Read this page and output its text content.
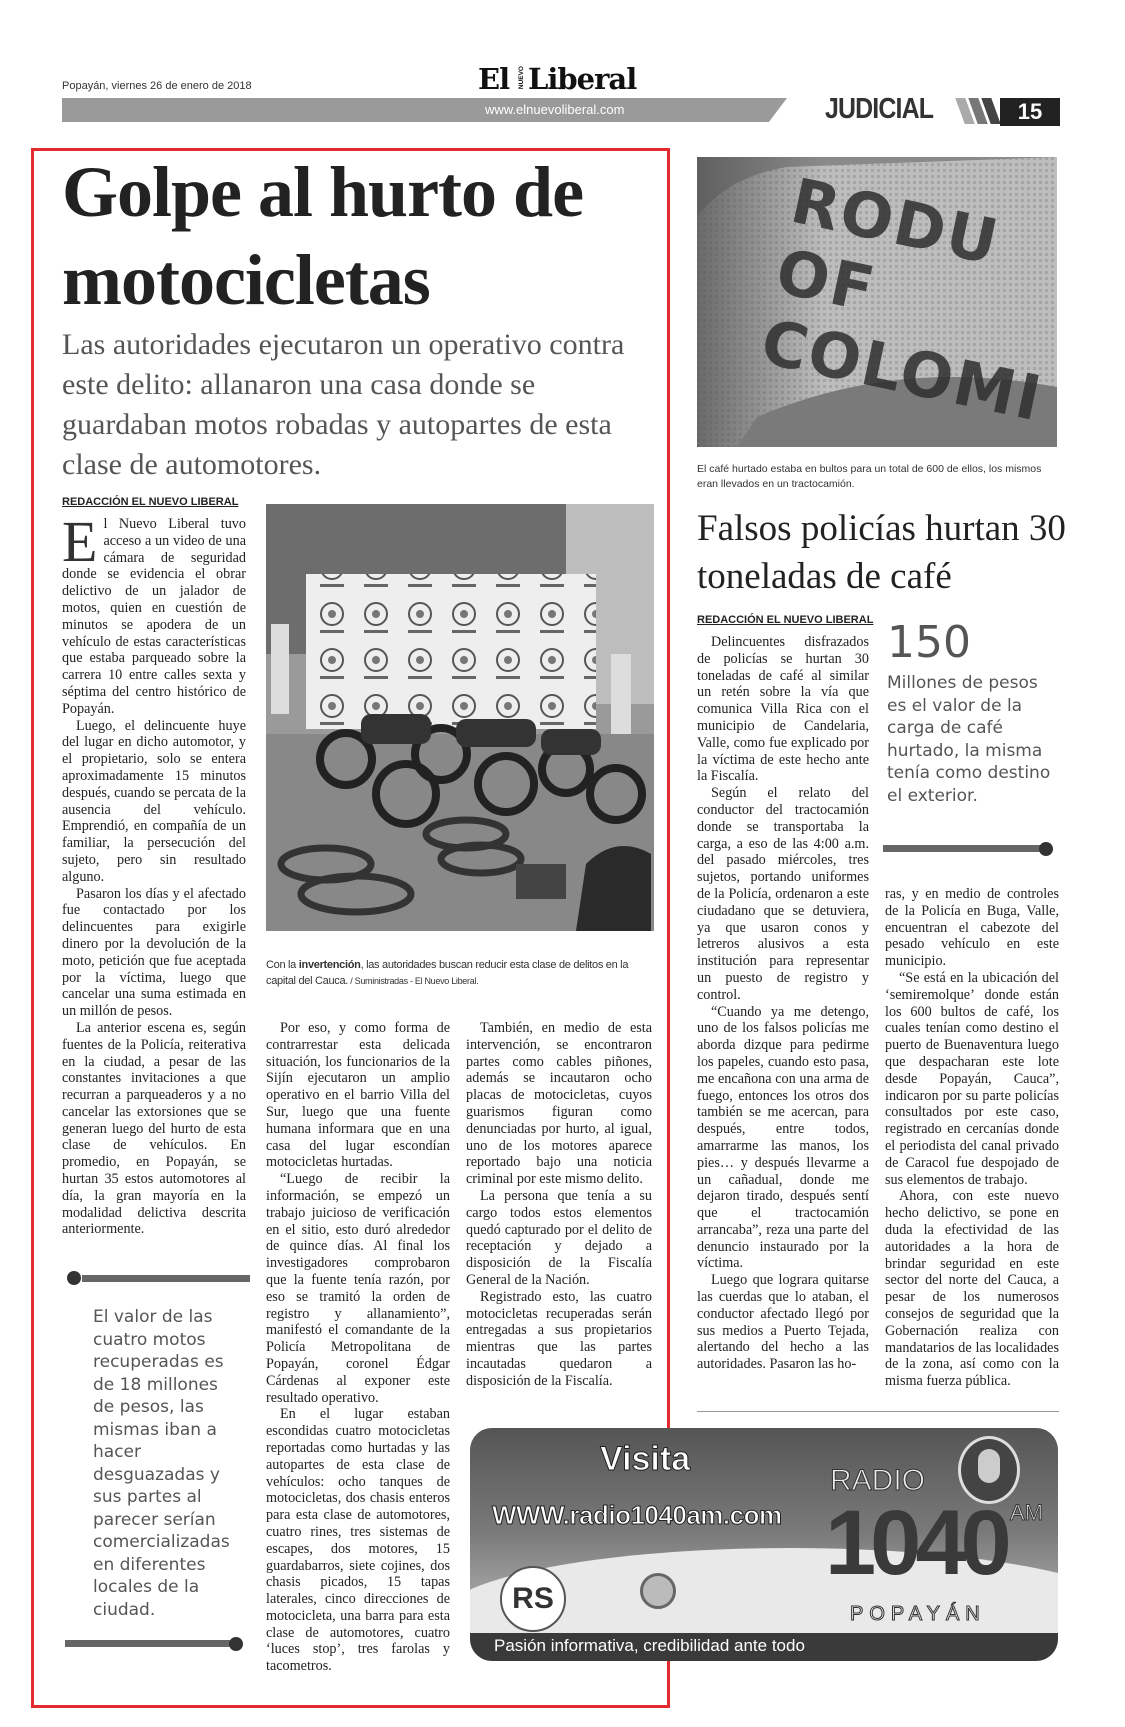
Popayán, viernes 26 de enero de 2018	El NUEVO Liberal
www.elnuevoliberal.com	JUDICIAL	15
Golpe al hurto de motocicletas
Las autoridades ejecutaron un operativo contra este delito: allanaron una casa donde se guardaban motos robadas y autopartes de esta clase de automotores.
REDACCIÓN EL NUEVO LIBERAL

El Nuevo Liberal tuvo acceso a un video de una cámara de seguridad donde se evidencia el obrar delictivo de un jalador de motos, quien en cuestión de minutos se apodera de un vehículo de estas características que estaba parqueado sobre la carrera 10 entre calles sexta y séptima del centro histórico de Popayán.

Luego, el delincuente huye del lugar en dicho automotor, y el propietario, solo se entera aproximadamente 15 minutos después, cuando se percata de la ausencia del vehículo. Emprendió, en compañía de un familiar, la persecución del sujeto, pero sin resultado alguno.

Pasaron los días y el afectado fue contactado por los delincuentes para exigirle dinero por la devolución de la moto, petición que fue aceptada por la víctima, luego que cancelar una suma estimada en un millón de pesos.

La anterior escena es, según fuentes de la Policía, reiterativa en la ciudad, a pesar de las constantes invitaciones a que recurran a parqueaderos y a no cancelar las extorsiones que se generan luego del hurto de esta clase de vehículos. En promedio, en Popayán, se hurtan 35 estos automotores al día, la gran mayoría en la modalidad delictiva descrita anteriormente.

Con la invertención, las autoridades buscan reducir esta clase de delitos en la capital del Cauca. / Suministradas - El Nuevo Liberal.

Por eso, y como forma de contrarrestar esta delicada situación, los funcionarios de la Sijín ejecutaron un amplio operativo en el barrio Villa del Sur, luego que una fuente humana informara que en una casa del lugar escondían motocicletas hurtadas.

“Luego de recibir la información, se empezó un trabajo juicioso de verificación en el sitio, esto duró alrededor de quince días. Al final los investigadores comprobaron que la fuente tenía razón, por eso se tramitó la orden de registro y allanamiento”, manifestó el comandante de la Policía Metropolitana de Popayán, coronel Édgar Cárdenas al exponer este resultado operativo.

En el lugar estaban escondidas cuatro motocicletas reportadas como hurtadas y las autopartes de esta clase de vehículos: ocho tanques de motocicletas, dos chasis enteros para esta clase de automotores, cuatro rines, tres sistemas de escapes, dos motores, 15 guardabarros, siete cojines, dos chasis picados, 15 tapas laterales, cinco direcciones de motocicleta, una barra para esta clase de automotores, cuatro ‘luces stop’, tres farolas y tacometros.

También, en medio de esta intervención, se encontraron partes como cables piñones, además se incautaron ocho placas de motocicletas, cuyos guarismos figuran como denunciadas por hurto, al igual, uno de los motores aparece reportado bajo una noticia criminal por este mismo delito.

La persona que tenía a su cargo todos estos elementos quedó capturado por el delito de receptación y dejado a disposición de la Fiscalía General de la Nación.

Registrado esto, las cuatro motocicletas recuperadas serán entregadas a sus propietarios mientras que las partes incautadas quedaron a disposición de la Fiscalía.

El valor de las cuatro motos recuperadas es de 18 millones de pesos, las mismas iban a hacer desguazadas y sus partes al parecer serían comercializadas en diferentes locales de la ciudad.
RODU OF COLOMI
El café hurtado estaba en bultos para un total de 600 de ellos, los mismos eran llevados en un tractocamión.
Falsos policías hurtan 30 toneladas de café
REDACCIÓN EL NUEVO LIBERAL

Delincuentes disfrazados de policías se hurtan 30 toneladas de café al similar un retén sobre la vía que comunica Villa Rica con el municipio de Candelaria, Valle, como fue explicado por la víctima de este hecho ante la Fiscalía.

Según el relato del conductor del tractocamión donde se transportaba la carga, a eso de las 4:00 a.m. del pasado miércoles, tres sujetos, portando uniformes de la Policía, ordenaron a este ciudadano que se detuviera, ya que usaron conos y letreros alusivos a esta institución para representar un puesto de registro y control.

“Cuando ya me detengo, uno de los falsos policías me aborda dizque para pedirme los papeles, cuando esto pasa, me encañona con una arma de fuego, entonces los otros dos también se me acercan, para después, entre todos, amarrarme las manos, los pies… y después llevarme a un cañadual, donde me dejaron tirado, después sentí que el tractocamión arrancaba”, reza una parte del denuncio instaurado por la víctima.

Luego que lograra quitarse las cuerdas que lo ataban, el conductor afectado llegó por sus medios a Puerto Tejada, alertando del hecho a las autoridades. Pasaron las ho-

150
Millones de pesos es el valor de la carga de café hurtado, la misma tenía como destino el exterior.

ras, y en medio de controles de la Policía en Buga, Valle, encuentran el cabezote del pesado vehículo en este municipio.

“Se está en la ubicación del ‘semiremolque’ donde están los 600 bultos de café, los cuales tenían como destino el puerto de Buenaventura luego que despacharan este lote desde Popayán, Cauca”, indicaron por su parte policías consultados por este caso, registrado en cercanías donde el periodista del canal privado de Caracol fue despojado de sus elementos de trabajo.

Ahora, con este nuevo hecho delictivo, se pone en duda la efectividad de las autoridades a la hora de brindar seguridad en este sector del norte del Cauca, a pesar de los numerosos consejos de seguridad que la Gobernación realiza con mandatarios de las localidades de la zona, así como con la misma fuerza pública.

Visita
WWW.radio1040am.com
RADIO
1040 AM
POPAYÁN
RS
Pasión informativa, credibilidad ante todo
